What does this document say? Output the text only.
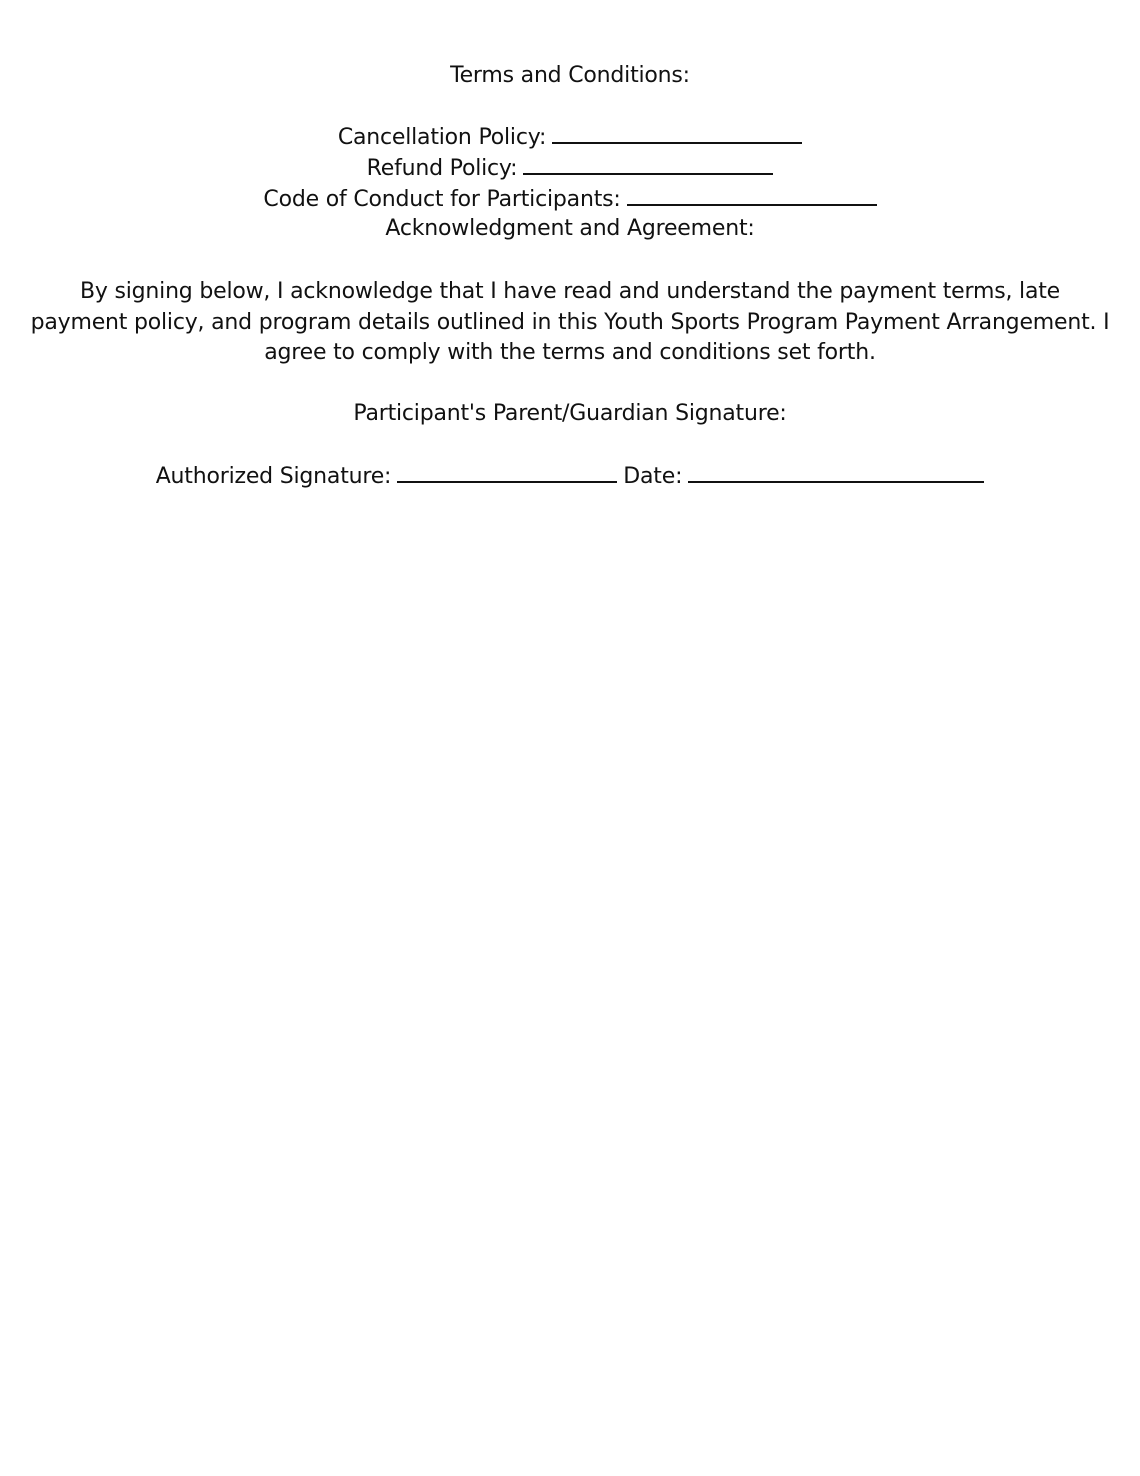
Terms and Conditions:
Cancellation Policy:
Refund Policy:
Code of Conduct for Participants:
Acknowledgment and Agreement:
By signing below, I acknowledge that I have read and understand the payment terms, late payment policy, and program details outlined in this Youth Sports Program Payment Arrangement. I agree to comply with the terms and conditions set forth.
Participant's Parent/Guardian Signature:
Authorized Signature:	Date:
